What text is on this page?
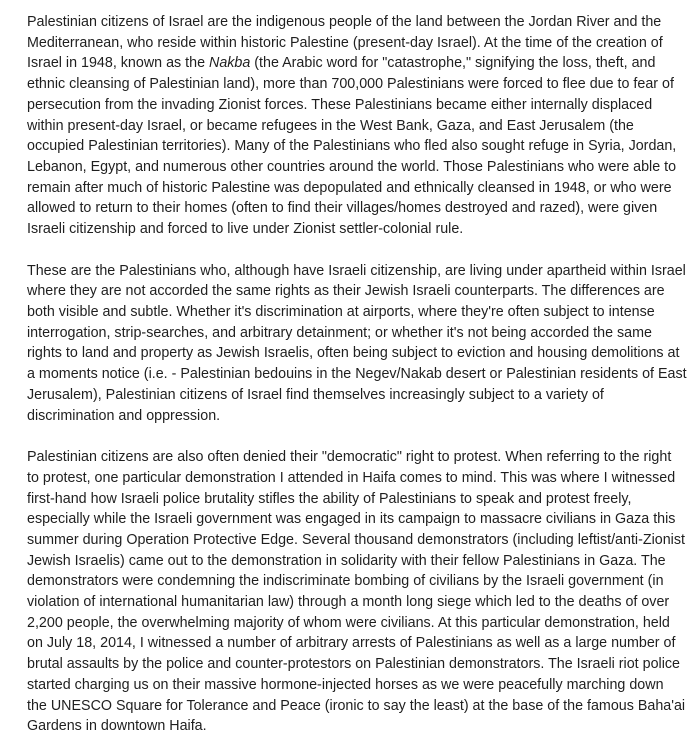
Palestinian citizens of Israel are the indigenous people of the land between the Jordan River and the Mediterranean, who reside within historic Palestine (present-day Israel). At the time of the creation of Israel in 1948, known as the Nakba (the Arabic word for "catastrophe," signifying the loss, theft, and ethnic cleansing of Palestinian land), more than 700,000 Palestinians were forced to flee due to fear of persecution from the invading Zionist forces. These Palestinians became either internally displaced within present-day Israel, or became refugees in the West Bank, Gaza, and East Jerusalem (the occupied Palestinian territories). Many of the Palestinians who fled also sought refuge in Syria, Jordan, Lebanon, Egypt, and numerous other countries around the world. Those Palestinians who were able to remain after much of historic Palestine was depopulated and ethnically cleansed in 1948, or who were allowed to return to their homes (often to find their villages/homes destroyed and razed), were given Israeli citizenship and forced to live under Zionist settler-colonial rule.

These are the Palestinians who, although have Israeli citizenship, are living under apartheid within Israel where they are not accorded the same rights as their Jewish Israeli counterparts. The differences are both visible and subtle. Whether it's discrimination at airports, where they're often subject to intense interrogation, strip-searches, and arbitrary detainment; or whether it's not being accorded the same rights to land and property as Jewish Israelis, often being subject to eviction and housing demolitions at a moments notice (i.e. - Palestinian bedouins in the Negev/Nakab desert or Palestinian residents of East Jerusalem), Palestinian citizens of Israel find themselves increasingly subject to a variety of discrimination and oppression.

Palestinian citizens are also often denied their "democratic" right to protest. When referring to the right to protest, one particular demonstration I attended in Haifa comes to mind. This was where I witnessed first-hand how Israeli police brutality stifles the ability of Palestinians to speak and protest freely, especially while the Israeli government was engaged in its campaign to massacre civilians in Gaza this summer during Operation Protective Edge. Several thousand demonstrators (including leftist/anti-Zionist Jewish Israelis) came out to the demonstration in solidarity with their fellow Palestinians in Gaza. The demonstrators were condemning the indiscriminate bombing of civilians by the Israeli government (in violation of international humanitarian law) through a month long siege which led to the deaths of over 2,200 people, the overwhelming majority of whom were civilians. At this particular demonstration, held on July 18, 2014, I witnessed a number of arbitrary arrests of Palestinians as well as a large number of brutal assaults by the police and counter-protestors on Palestinian demonstrators. The Israeli riot police started charging us on their massive hormone-injected horses as we were peacefully marching down the UNESCO Square for Tolerance and Peace (ironic to say the least) at the base of the famous Baha'ai Gardens in downtown Haifa.
